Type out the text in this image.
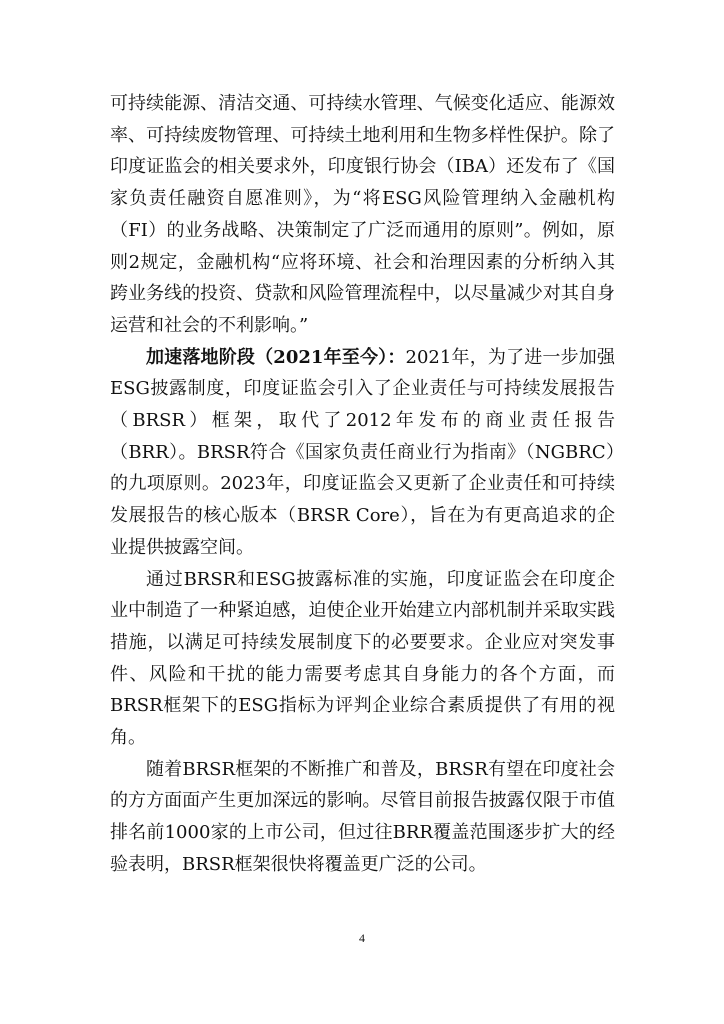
可持续能源、清洁交通、可持续水管理、气候变化适应、能源效率、可持续废物管理、可持续土地利用和生物多样性保护。除了印度证监会的相关要求外，印度银行协会（IBA）还发布了《国家负责任融资自愿准则》，为“将ESG风险管理纳入金融机构（FI）的业务战略、决策制定了广泛而通用的原则”。例如，原则2规定，金融机构“应将环境、社会和治理因素的分析纳入其跨业务线的投资、贷款和风险管理流程中，以尽量减少对其自身运营和社会的不利影响。”

加速落地阶段（2021年至今）：2021年，为了进一步加强ESG披露制度，印度证监会引入了企业责任与可持续发展报告（BRSR）框架，取代了2012年发布的商业责任报告（BRR）。BRSR符合《国家负责任商业行为指南》（NGBRC）的九项原则。2023年，印度证监会又更新了企业责任和可持续发展报告的核心版本（BRSR Core），旨在为有更高追求的企业提供披露空间。

通过BRSR和ESG披露标准的实施，印度证监会在印度企业中制造了一种紧迫感，迫使企业开始建立内部机制并采取实践措施，以满足可持续发展制度下的必要要求。企业应对突发事件、风险和干扰的能力需要考虑其自身能力的各个方面，而BRSR框架下的ESG指标为评判企业综合素质提供了有用的视角。

随着BRSR框架的不断推广和普及，BRSR有望在印度社会的方方面面产生更加深远的影响。尽管目前报告披露仅限于市值排名前1000家的上市公司，但过往BRR覆盖范围逐步扩大的经验表明，BRSR框架很快将覆盖更广泛的公司。

4
